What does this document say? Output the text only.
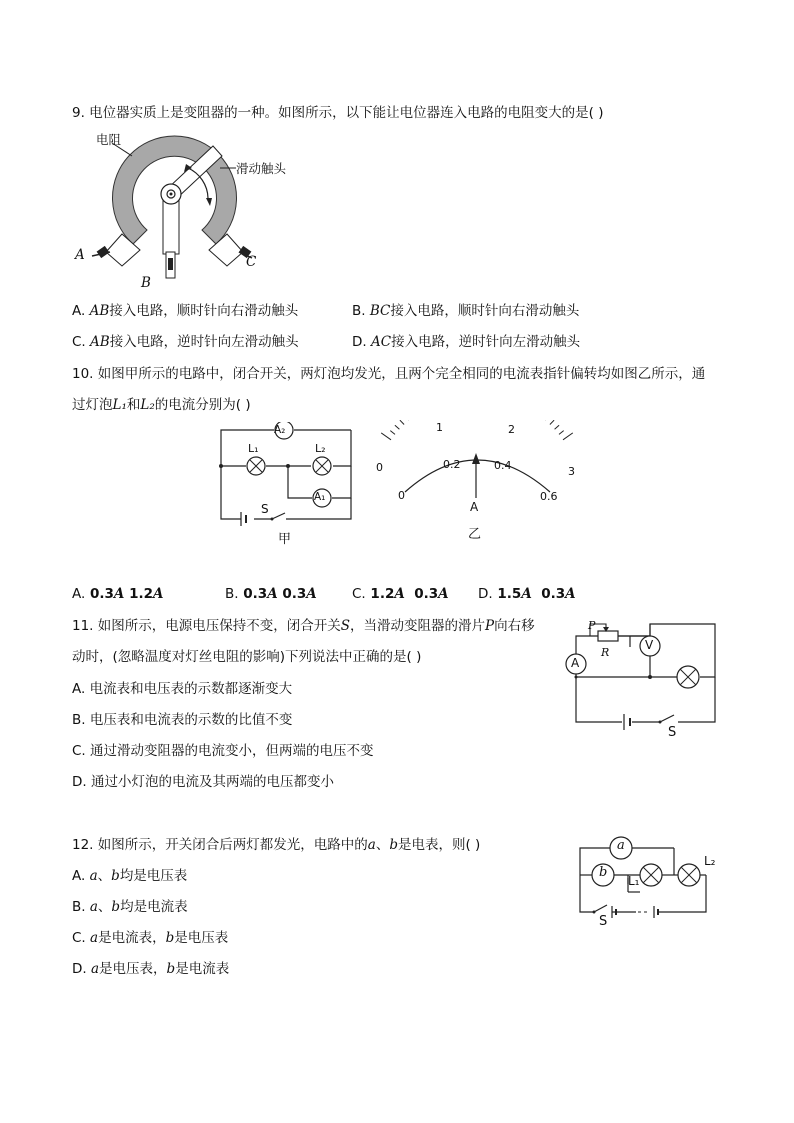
9. 电位器实质上是变阻器的一种。如图所示，以下能让电位器连入电路的电阻变大的是( )
电阻
滑动触头
A
B
C
A. AB接入电路，顺时针向右滑动触头	B. BC接入电路，顺时针向右滑动触头
C. AB接入电路，逆时针向左滑动触头	D. AC接入电路，逆时针向左滑动触头
10. 如图甲所示的电路中，闭合开关，两灯泡均发光，且两个完全相同的电流表指针偏转均如图乙所示，通
过灯泡L₁和L₂的电流分别为( )
A₂
L₁	L₂
A₁
S
甲
0
1	2
3
0
0.2	0.4
0.6
A
乙
A. 0.3A 1.2A	B. 0.3A 0.3A	C. 1.2A 0.3A D. 1.5A 0.3A
11. 如图所示，电源电压保持不变，闭合开关S，当滑动变阻器的滑片P向右移
动时，(忽略温度对灯丝电阻的影响)下列说法中正确的是( )
P
R
V
A
S
A. 电流表和电压表的示数都逐渐变大
B. 电压表和电流表的示数的比值不变
C. 通过滑动变阻器的电流变小，但两端的电压不变
D. 通过小灯泡的电流及其两端的电压都变小
12. 如图所示，开关闭合后两灯都发光，电路中的a、b是电表，则( )	a
b
L₁
L₂
S
A. a、b均是电压表
B. a、b均是电流表
C. a是电流表，b是电压表
D. a是电压表，b是电流表
